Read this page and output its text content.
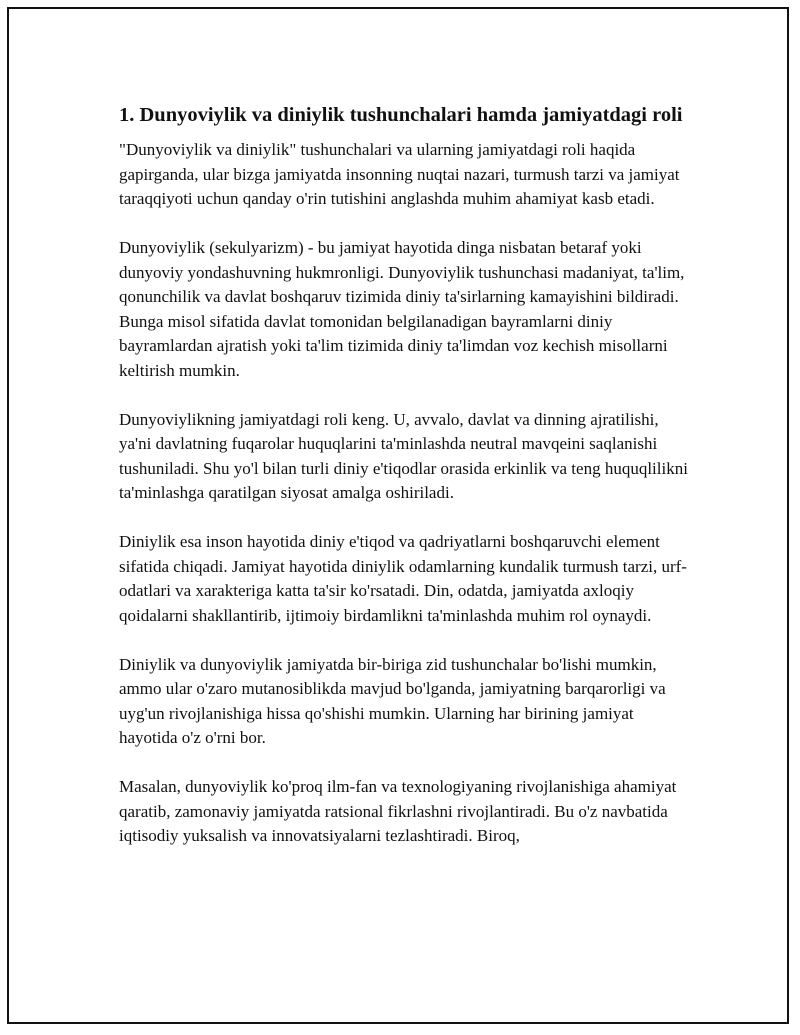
1. Dunyoviylik va diniylik tushunchalari hamda jamiyatdagi roli

"Dunyoviylik va diniylik" tushunchalari va ularning jamiyatdagi roli haqida gapirganda, ular bizga jamiyatda insonning nuqtai nazari, turmush tarzi va jamiyat taraqqiyoti uchun qanday o'rin tutishini anglashda muhim ahamiyat kasb etadi.

Dunyoviylik (sekulyarizm) - bu jamiyat hayotida dinga nisbatan betaraf yoki dunyoviy yondashuvning hukmronligi. Dunyoviylik tushunchasi madaniyat, ta'lim, qonunchilik va davlat boshqaruv tizimida diniy ta'sirlarning kamayishini bildiradi. Bunga misol sifatida davlat tomonidan belgilanadigan bayramlarni diniy bayramlardan ajratish yoki ta'lim tizimida diniy ta'limdan voz kechish misollarni keltirish mumkin.

Dunyoviylikning jamiyatdagi roli keng. U, avvalo, davlat va dinning ajratilishi, ya'ni davlatning fuqarolar huquqlarini ta'minlashda neutral mavqeini saqlanishi tushuniladi. Shu yo'l bilan turli diniy e'tiqodlar orasida erkinlik va teng huquqlilikni ta'minlashga qaratilgan siyosat amalga oshiriladi.

Diniylik esa inson hayotida diniy e'tiqod va qadriyatlarni boshqaruvchi element sifatida chiqadi. Jamiyat hayotida diniylik odamlarning kundalik turmush tarzi, urf-odatlari va xarakteriga katta ta'sir ko'rsatadi. Din, odatda, jamiyatda axloqiy qoidalarni shakllantirib, ijtimoiy birdamlikni ta'minlashda muhim rol oynaydi.

Diniylik va dunyoviylik jamiyatda bir-biriga zid tushunchalar bo'lishi mumkin, ammo ular o'zaro mutanosiblikda mavjud bo'lganda, jamiyatning barqarorligi va uyg'un rivojlanishiga hissa qo'shishi mumkin. Ularning har birining jamiyat hayotida o'z o'rni bor.

Masalan, dunyoviylik ko'proq ilm-fan va texnologiyaning rivojlanishiga ahamiyat qaratib, zamonaviy jamiyatda ratsional fikrlashni rivojlantiradi. Bu o'z navbatida iqtisodiy yuksalish va innovatsiyalarni tezlashtiradi. Biroq,
